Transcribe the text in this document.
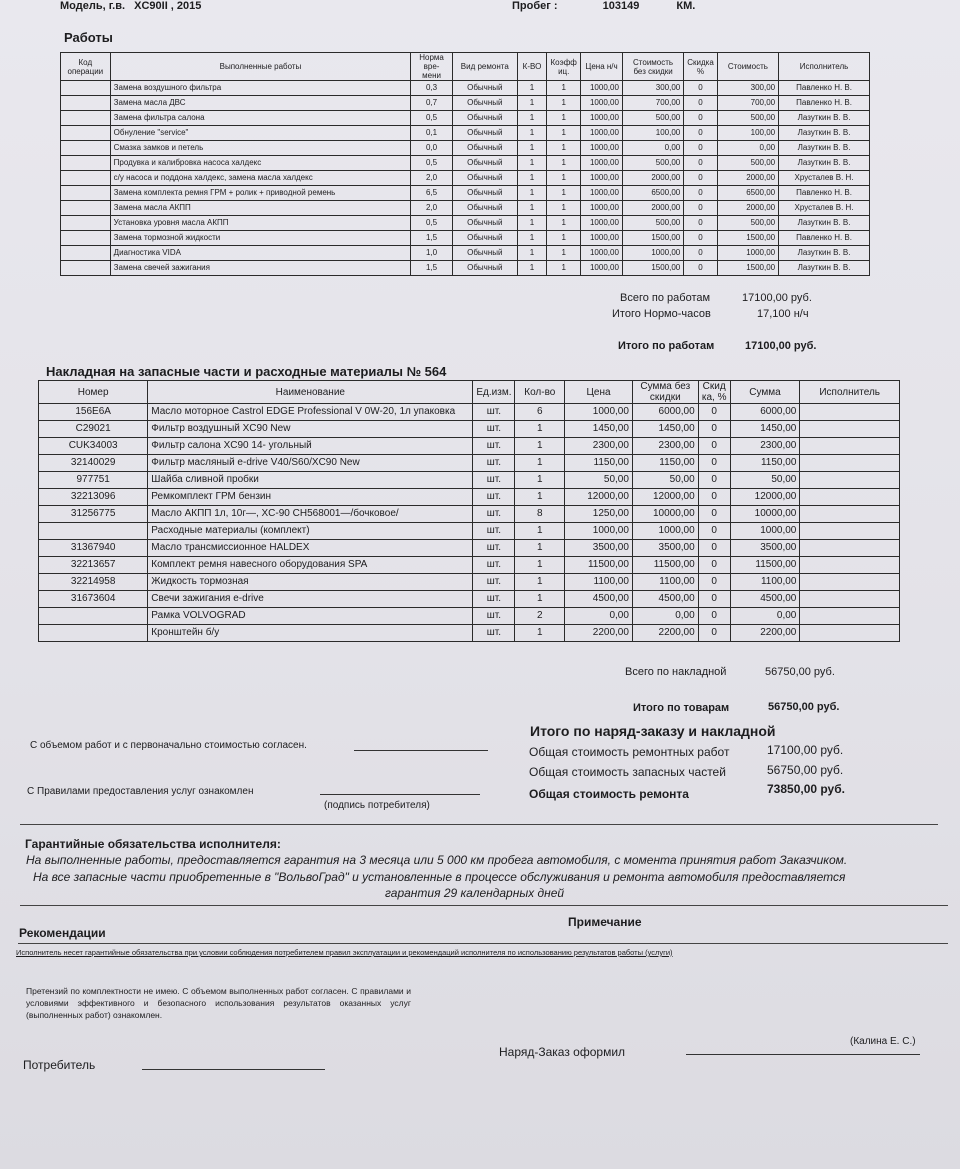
Модель, г.в. XC90II , 2015	Пробег :	103149	КМ.
Работы
Код операции	Выполненные работы	Норма вре-мени	Вид ремонта	К-ВО	Коэфф иц.	Цена н/ч	Стоимость без скидки	Скидка %	Стоимость	Исполнитель
	Замена воздушного фильтра	0,3	Обычный	1	1	1000,00	300,00	0	300,00	Павленко Н. В.
	Замена масла ДВС	0,7	Обычный	1	1	1000,00	700,00	0	700,00	Павленко Н. В.
	Замена фильтра салона	0,5	Обычный	1	1	1000,00	500,00	0	500,00	Лазуткин В. В.
	Обнуление "service"	0,1	Обычный	1	1	1000,00	100,00	0	100,00	Лазуткин В. В.
	Смазка замков и петель	0,0	Обычный	1	1	1000,00	0,00	0	0,00	Лазуткин В. В.
	Продувка и калибровка насоса халдекс	0,5	Обычный	1	1	1000,00	500,00	0	500,00	Лазуткин В. В.
	с/у насоса и поддона халдекс, замена масла халдекс	2,0	Обычный	1	1	1000,00	2000,00	0	2000,00	Хрусталев В. Н.
	Замена комплекта ремня ГРМ + ролик + приводной ремень	6,5	Обычный	1	1	1000,00	6500,00	0	6500,00	Павленко Н. В.
	Замена масла АКПП	2,0	Обычный	1	1	1000,00	2000,00	0	2000,00	Хрусталев В. Н.
	Установка уровня масла АКПП	0,5	Обычный	1	1	1000,00	500,00	0	500,00	Лазуткин В. В.
	Замена тормозной жидкости	1,5	Обычный	1	1	1000,00	1500,00	0	1500,00	Павленко Н. В.
	Диагностика VIDA	1,0	Обычный	1	1	1000,00	1000,00	0	1000,00	Лазуткин В. В.
	Замена свечей зажигания	1,5	Обычный	1	1	1000,00	1500,00	0	1500,00	Лазуткин В. В.
Всего по работам	17100,00 руб.
Итого Нормо-часов	17,100 н/ч
Итого по работам	17100,00 руб.
Накладная на запасные части и расходные материалы № 564
Номер	Наименование	Ед.изм.	Кол-во	Цена	Сумма без скидки	Скид ка, %	Сумма	Исполнитель
156E6A	Масло моторное Castrol EDGE Professional V 0W-20, 1л упаковка	шт.	6	1000,00	6000,00	0	6000,00	
C29021	Фильтр воздушный XC90 New	шт.	1	1450,00	1450,00	0	1450,00	
CUK34003	Фильтр салона XC90 14- угольный	шт.	1	2300,00	2300,00	0	2300,00	
32140029	Фильтр масляный e-drive V40/S60/XC90 New	шт.	1	1150,00	1150,00	0	1150,00	
977751	Шайба сливной пробки	шт.	1	50,00	50,00	0	50,00	
32213096	Ремкомплект ГРМ бензин	шт.	1	12000,00	12000,00	0	12000,00	
31256775	Масло АКПП 1л, 10г—, XC-90 CH568001—/бочковое/	шт.	8	1250,00	10000,00	0	10000,00	
	Расходные материалы (комплект)	шт.	1	1000,00	1000,00	0	1000,00	
31367940	Масло трансмиссионное HALDEX	шт.	1	3500,00	3500,00	0	3500,00	
32213657	Комплект ремня навесного оборудования SPA	шт.	1	11500,00	11500,00	0	11500,00	
32214958	Жидкость тормозная	шт.	1	1100,00	1100,00	0	1100,00	
31673604	Свечи зажигания e-drive	шт.	1	4500,00	4500,00	0	4500,00	
	Рамка VOLVOGRAD	шт.	2	0,00	0,00	0	0,00	
	Кронштейн б/у	шт.	1	2200,00	2200,00	0	2200,00	
Всего по накладной	56750,00 руб.
Итого по товарам	56750,00 руб.
Итого по наряд-заказу и накладной
Общая стоимость ремонтных работ	17100,00 руб.
Общая стоимость запасных частей	56750,00 руб.
Общая стоимость ремонта	73850,00 руб.
С объемом работ и с первоначально стоимостью согласен.
С Правилами предоставления услуг ознакомлен
(подпись потребителя)
Гарантийные обязательства исполнителя:
На выполненные работы, предоставляется гарантия на 3 месяца или 5 000 км пробега автомобиля, с момента принятия работ Заказчиком.
На все запасные части приобретенные в "ВольвоГрад" и установленные в процессе обслуживания и ремонта автомобиля предоставляется
гарантия 29 календарных дней
Рекомендации
Примечание
Исполнитель несет гарантийные обязательства при условии соблюдения потребителем правил эксплуатации и рекомендаций исполнителя по использованию результатов работы (услуги)
Претензий по комплектности не имею. С объемом выполненных работ согласен. С правилами и условиями эффективного и безопасного использования результатов оказанных услуг (выполненных работ) ознакомлен.
Потребитель
Наряд-Заказ оформил
(Калина Е. С.)
